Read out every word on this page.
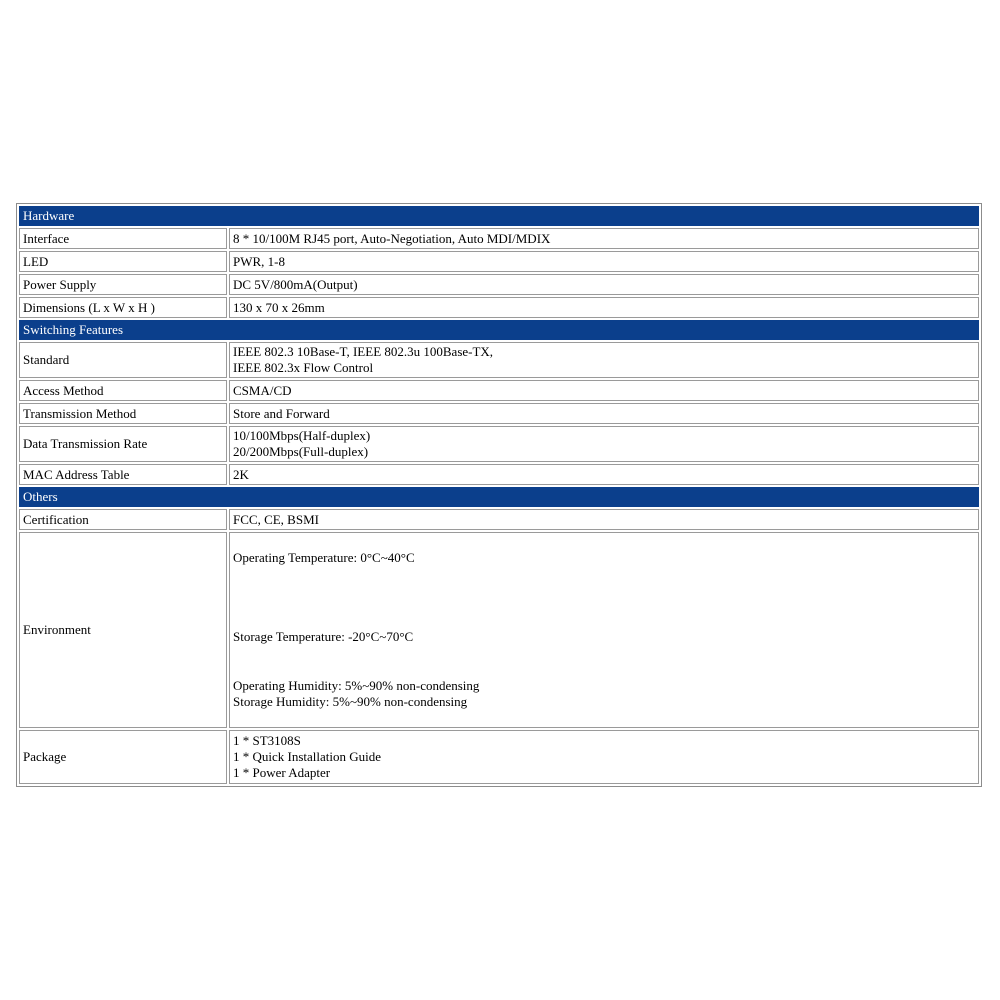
Hardware	
Interface	8 * 10/100M RJ45 port, Auto-Negotiation, Auto MDI/MDIX
LED	PWR, 1-8
Power Supply	DC 5V/800mA(Output)
Dimensions (L x W x H )	130 x 70 x 26mm
Switching Features	
Standard	IEEE 802.3 10Base-T, IEEE 802.3u 100Base-TX,
IEEE 802.3x Flow Control

Access Method	CSMA/CD
Transmission Method	Store and Forward
Data Transmission Rate	10/100Mbps(Half-duplex)
20/200Mbps(Full-duplex)

MAC Address Table	2K
Others	
Certification	FCC, CE, BSMI
Environment	Operating Temperature: 0°C~40°C
Storage Temperature: -20°C~70°C
Operating Humidity: 5%~90% non-condensing
Storage Humidity: 5%~90% non-condensing

Package	1 * ST3108S
1 * Quick Installation Guide
1 * Power Adapter
